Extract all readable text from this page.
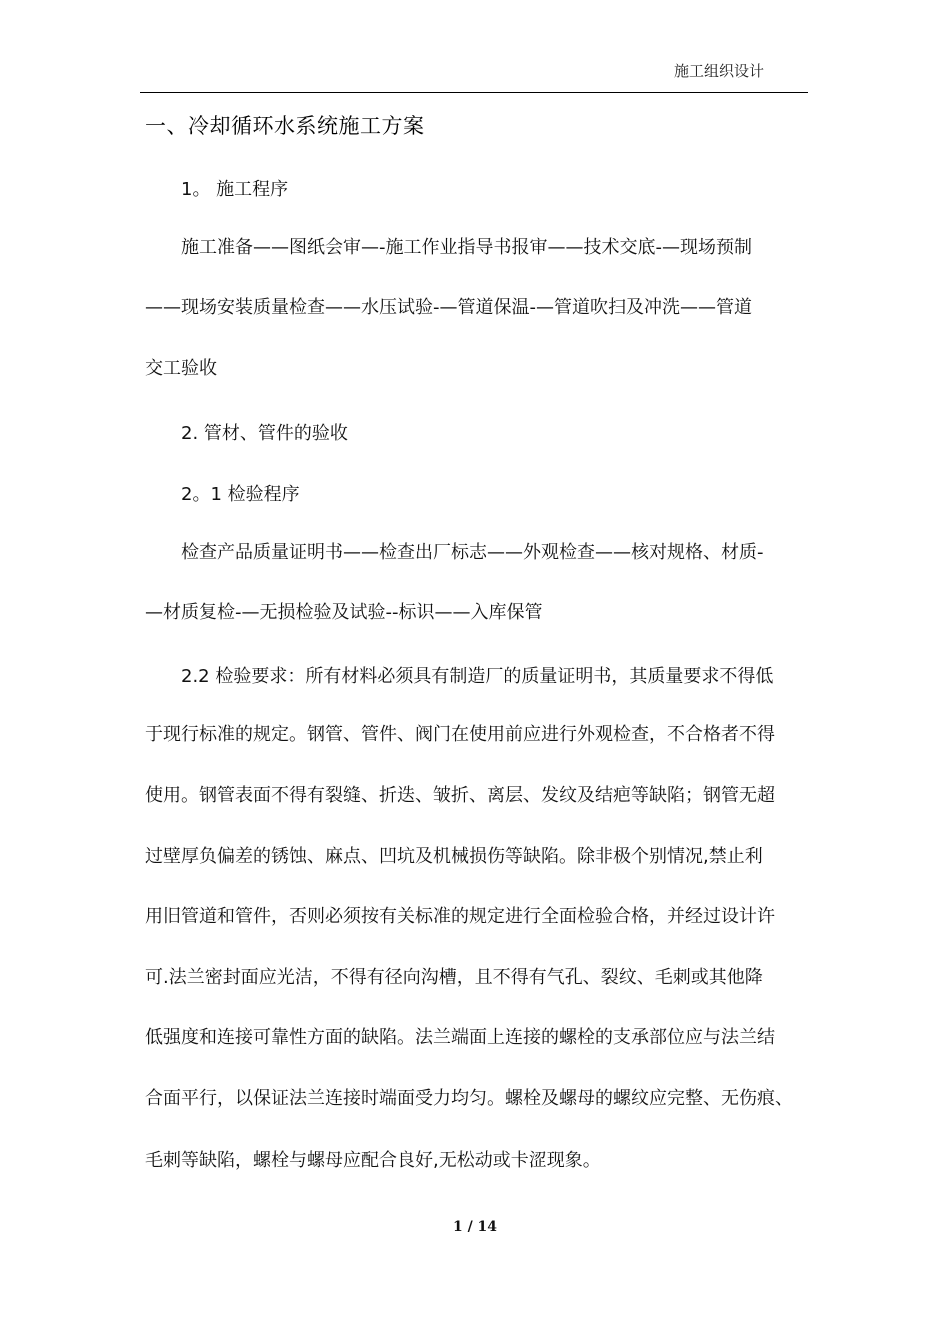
施工组织设计
一、冷却循环水系统施工方案
1。 施工程序
施工准备——图纸会审—-施工作业指导书报审——技术交底-—现场预制
——现场安装质量检查——水压试验-—管道保温-—管道吹扫及冲洗——管道
交工验收
2. 管材、管件的验收
2。1 检验程序
检查产品质量证明书——检查出厂标志——外观检查——核对规格、材质-
—材质复检-—无损检验及试验--标识——入库保管
2.2 检验要求：所有材料必须具有制造厂的质量证明书，其质量要求不得低
于现行标准的规定。钢管、管件、阀门在使用前应进行外观检查，不合格者不得
使用。钢管表面不得有裂缝、折迭、皱折、离层、发纹及结疤等缺陷；钢管无超
过壁厚负偏差的锈蚀、麻点、凹坑及机械损伤等缺陷。除非极个别情况,禁止利
用旧管道和管件，否则必须按有关标准的规定进行全面检验合格，并经过设计许
可.法兰密封面应光洁，不得有径向沟槽，且不得有气孔、裂纹、毛刺或其他降
低强度和连接可靠性方面的缺陷。法兰端面上连接的螺栓的支承部位应与法兰结
合面平行，以保证法兰连接时端面受力均匀。螺栓及螺母的螺纹应完整、无伤痕、
毛刺等缺陷，螺栓与螺母应配合良好,无松动或卡涩现象。
1 / 14
